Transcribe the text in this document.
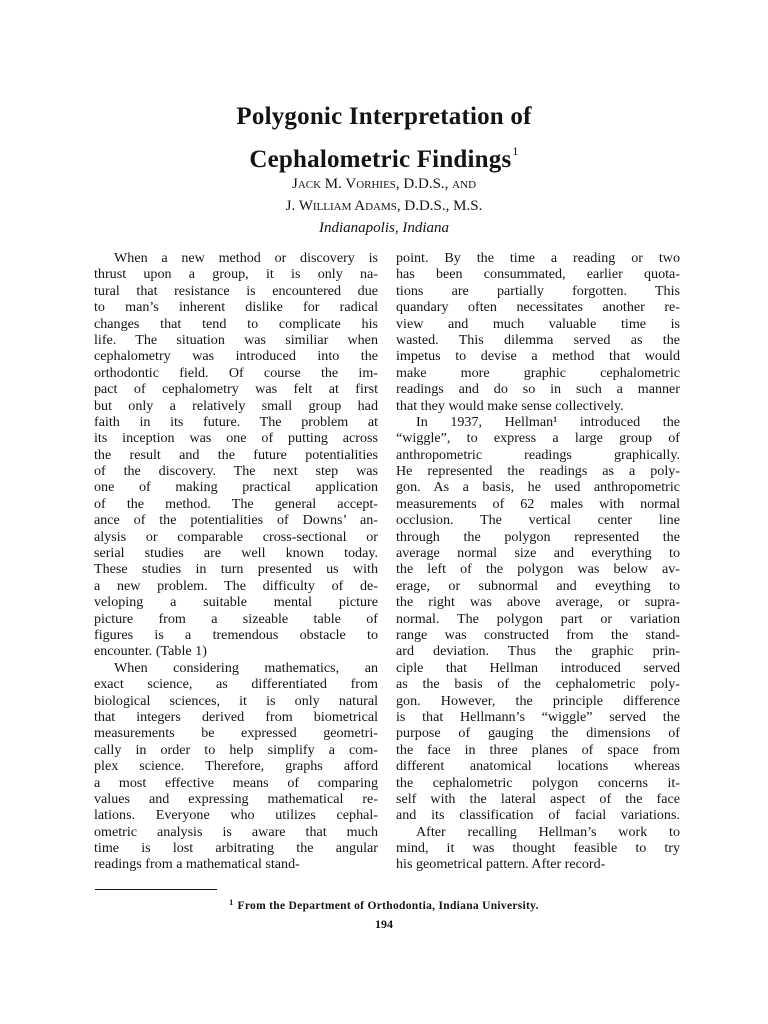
Polygonic Interpretation of
Cephalometric Findings$^1$
Jack M. Vorhies, D.D.S., and
J. William Adams, D.D.S., M.S.
Indianapolis, Indiana
When a new method or discovery is
thrust upon a group, it is only na-
tural that resistance is encountered due
to man’s inherent dislike for radical
changes that tend to complicate his
life. The situation was similiar when
cephalometry was introduced into the
orthodontic field. Of course the im-
pact of cephalometry was felt at first
but only a relatively small group had
faith in its future. The problem at
its inception was one of putting across
the result and the future potentialities
of the discovery. The next step was
one of making practical application
of the method. The general accept-
ance of the potentialities of Downs’ an-
alysis or comparable cross-sectional or
serial studies are well known today.
These studies in turn presented us with
a new problem. The difficulty of de-
veloping a suitable mental picture
picture from a sizeable table of
figures is a tremendous obstacle to
encounter. (Table 1)
When considering mathematics, an
exact science, as differentiated from
biological sciences, it is only natural
that integers derived from biometrical
measurements be expressed geometri-
cally in order to help simplify a com-
plex science. Therefore, graphs afford
a most effective means of comparing
values and expressing mathematical re-
lations. Everyone who utilizes cephal-
ometric analysis is aware that much
time is lost arbitrating the angular
readings from a mathematical stand-
point. By the time a reading or two
has been consummated, earlier quota-
tions are partially forgotten. This
quandary often necessitates another re-
view and much valuable time is
wasted. This dilemma served as the
impetus to devise a method that would
make more graphic cephalometric
readings and do so in such a manner
that they would make sense collectively.
In 1937, Hellman¹ introduced the
“wiggle”, to express a large group of
anthropometric readings graphically.
He represented the readings as a poly-
gon. As a basis, he used anthropometric
measurements of 62 males with normal
occlusion. The vertical center line
through the polygon represented the
average normal size and everything to
the left of the polygon was below av-
erage, or subnormal and eveything to
the right was above average, or supra-
normal. The polygon part or variation
range was constructed from the stand-
ard deviation. Thus the graphic prin-
ciple that Hellman introduced served
as the basis of the cephalometric poly-
gon. However, the principle difference
is that Hellmann’s “wiggle” served the
purpose of gauging the dimensions of
the face in three planes of space from
different anatomical locations whereas
the cephalometric polygon concerns it-
self with the lateral aspect of the face
and its classification of facial variations.
After recalling Hellman’s work to
mind, it was thought feasible to try
his geometrical pattern. After record-
$^1$ From the Department of Orthodontia, Indiana University.
194
